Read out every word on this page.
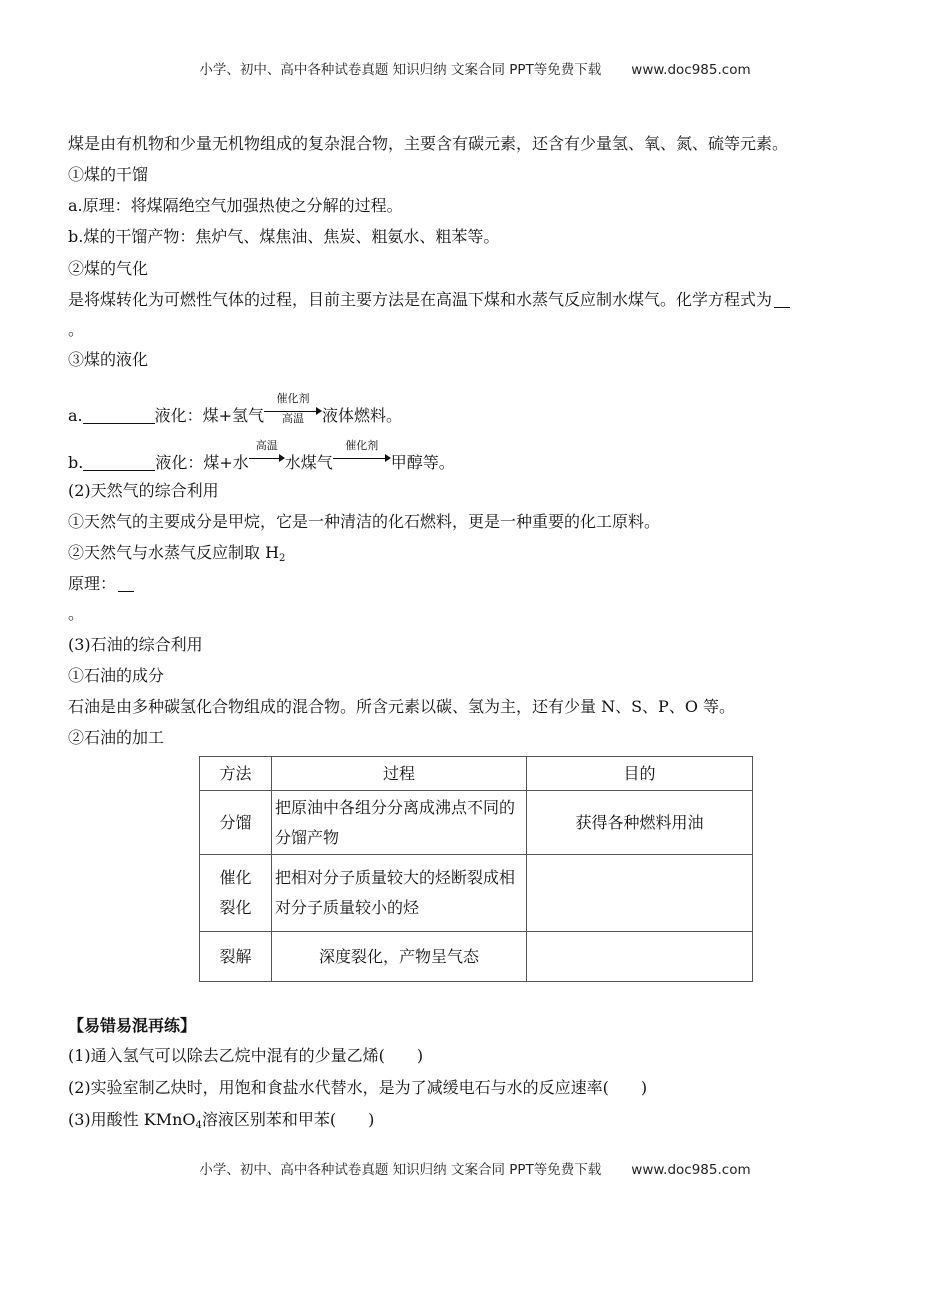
小学、初中、高中各种试卷真题 知识归纳 文案合同 PPT等免费下载 www.doc985.com
煤是由有机物和少量无机物组成的复杂混合物，主要含有碳元素，还含有少量氢、氧、氮、硫等元素。
①煤的干馏
a.原理：将煤隔绝空气加强热使之分解的过程。
b.煤的干馏产物：焦炉气、煤焦油、焦炭、粗氨水、粗苯等。
②煤的气化
是将煤转化为可燃性气体的过程，目前主要方法是在高温下煤和水蒸气反应制水煤气。化学方程式为
。
③煤的液化
a.	液化：煤+氢气
催化剂
高温	液体燃料。
b.	液化：煤+水
高温
水煤气
催化剂
甲醇等。
(2)天然气的综合利用
①天然气的主要成分是甲烷，它是一种清洁的化石燃料，更是一种重要的化工原料。
②天然气与水蒸气反应制取 $H_2$
原理：
。
(3)石油的综合利用
①石油的成分
石油是由多种碳氢化合物组成的混合物。所含元素以碳、氢为主，还有少量 N、S、P、O 等。
②石油的加工
方法	过程	目的
分馏	把原油中各组分分离成沸点不同的分馏产物	获得各种燃料用油
催化
裂化	把相对分子质量较大的烃断裂成相对分子质量较小的烃	
裂解	深度裂化，产物呈气态	
【易错易混再练】
(1)通入氢气可以除去乙烷中混有的少量乙烯(　　)
(2)实验室制乙炔时，用饱和食盐水代替水，是为了减缓电石与水的反应速率(　　)
(3)用酸性 KMnO$_4$溶液区别苯和甲苯(　　)
小学、初中、高中各种试卷真题 知识归纳 文案合同 PPT等免费下载 www.doc985.com
